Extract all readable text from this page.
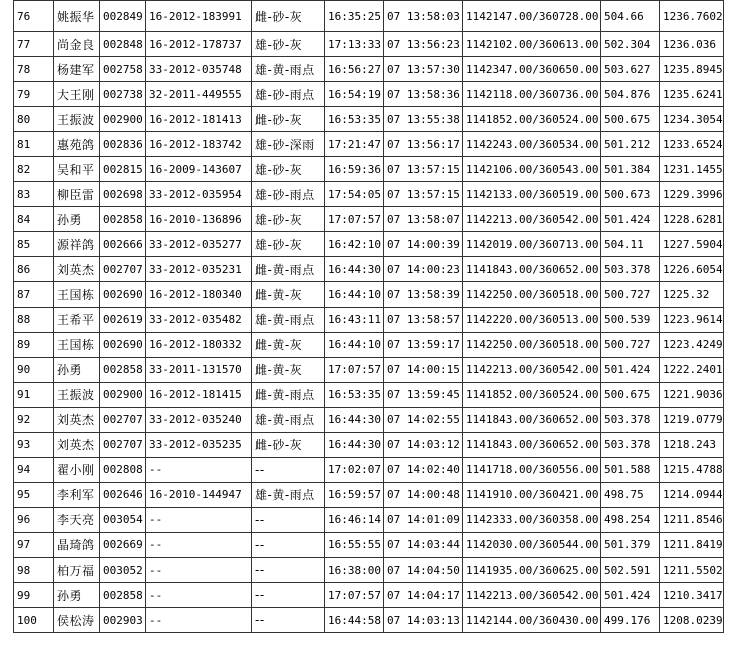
76	姚振华	002849	16-2012-183991	雌-砂-灰	16:35:25	07 13:58:03	1142147.00/360728.00	504.66	1236.7602
77	尚金良	002848	16-2012-178737	雄-砂-灰	17:13:33	07 13:56:23	1142102.00/360613.00	502.304	1236.036
78	杨建军	002758	33-2012-035748	雄-黄-雨点	16:56:27	07 13:57:30	1142347.00/360650.00	503.627	1235.8945
79	大王刚	002738	32-2011-449555	雄-砂-雨点	16:54:19	07 13:58:36	1142118.00/360736.00	504.876	1235.6241
80	王振波	002900	16-2012-181413	雌-砂-灰	16:53:35	07 13:55:38	1141852.00/360524.00	500.675	1234.3054
81	惠苑鸽	002836	16-2012-183742	雄-砂-深雨	17:21:47	07 13:56:17	1142243.00/360534.00	501.212	1233.6524
82	吴和平	002815	16-2009-143607	雄-砂-灰	16:59:36	07 13:57:15	1142106.00/360543.00	501.384	1231.1455
83	柳臣雷	002698	33-2012-035954	雄-砂-雨点	17:54:05	07 13:57:15	1142133.00/360519.00	500.673	1229.3996
84	孙勇	002858	16-2010-136896	雄-砂-灰	17:07:57	07 13:58:07	1142213.00/360542.00	501.424	1228.6281
85	源祥鸽	002666	33-2012-035277	雄-砂-灰	16:42:10	07 14:00:39	1142019.00/360713.00	504.11	1227.5904
86	刘英杰	002707	33-2012-035231	雌-黄-雨点	16:44:30	07 14:00:23	1141843.00/360652.00	503.378	1226.6054
87	王国栋	002690	16-2012-180340	雌-黄-灰	16:44:10	07 13:58:39	1142250.00/360518.00	500.727	1225.32
88	王希平	002619	33-2012-035482	雄-黄-雨点	16:43:11	07 13:58:57	1142220.00/360513.00	500.539	1223.9614
89	王国栋	002690	16-2012-180332	雌-黄-灰	16:44:10	07 13:59:17	1142250.00/360518.00	500.727	1223.4249
90	孙勇	002858	33-2011-131570	雌-黄-灰	17:07:57	07 14:00:15	1142213.00/360542.00	501.424	1222.2401
91	王振波	002900	16-2012-181415	雌-黄-雨点	16:53:35	07 13:59:45	1141852.00/360524.00	500.675	1221.9036
92	刘英杰	002707	33-2012-035240	雄-黄-雨点	16:44:30	07 14:02:55	1141843.00/360652.00	503.378	1219.0779
93	刘英杰	002707	33-2012-035235	雌-砂-灰	16:44:30	07 14:03:12	1141843.00/360652.00	503.378	1218.243
94	翟小刚	002808	--	--	17:02:07	07 14:02:40	1141718.00/360556.00	501.588	1215.4788
95	李利军	002646	16-2010-144947	雄-黄-雨点	16:59:57	07 14:00:48	1141910.00/360421.00	498.75	1214.0944
96	李天亮	003054	--	--	16:46:14	07 14:01:09	1142333.00/360358.00	498.254	1211.8546
97	晶琦鸽	002669	--	--	16:55:55	07 14:03:44	1142030.00/360544.00	501.379	1211.8419
98	柏万福	003052	--	--	16:38:00	07 14:04:50	1141935.00/360625.00	502.591	1211.5502
99	孙勇	002858	--	--	17:07:57	07 14:04:17	1142213.00/360542.00	501.424	1210.3417
100	侯松涛	002903	--	--	16:44:58	07 14:03:13	1142144.00/360430.00	499.176	1208.0239
